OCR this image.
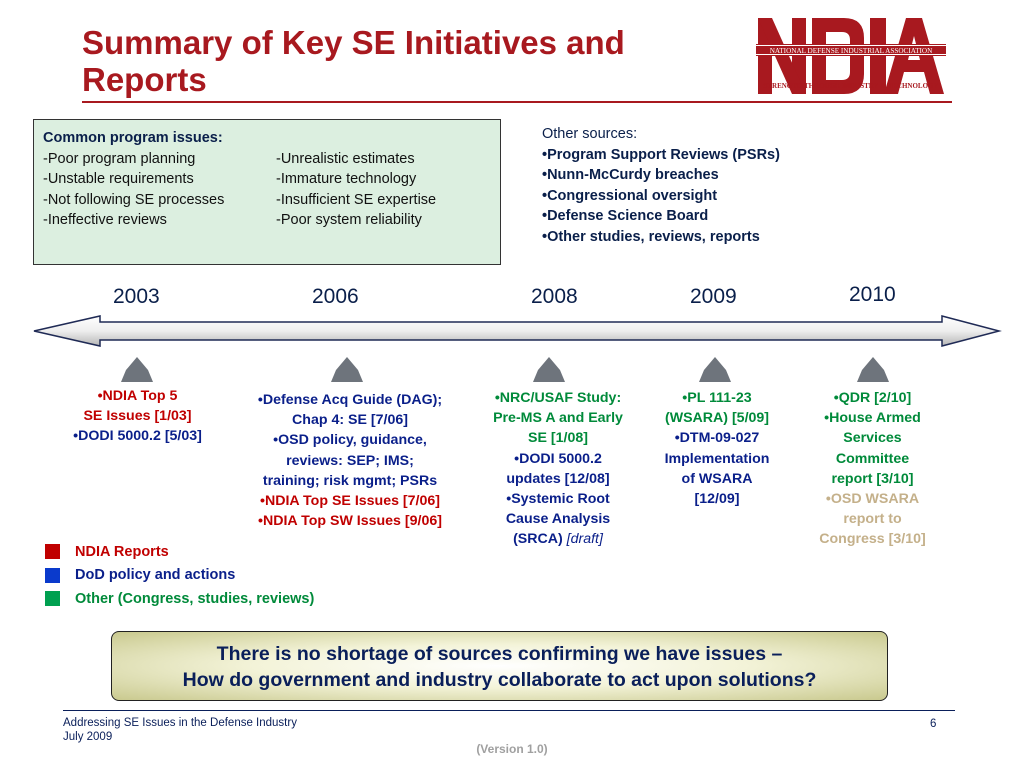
Summary of Key SE Initiatives and
Reports
NATIONAL DEFENSE INDUSTRIAL ASSOCIATION
STRENGTH THROUGH INDUSTRY & TECHNOLOGY
Common program issues:
-Poor program planning
-Unstable requirements
-Not following SE processes
-Ineffective reviews
-Unrealistic estimates
-Immature technology
-Insufficient SE expertise
-Poor system reliability
Other sources:
•Program Support Reviews (PSRs)
•Nunn-McCurdy breaches
•Congressional oversight
•Defense Science Board
•Other studies, reviews, reports
2003	2006	2008	2009	2010
•NDIA Top 5
SE Issues [1/03]
•DODI 5000.2 [5/03]
•Defense Acq Guide (DAG);
Chap 4: SE [7/06]
•OSD policy, guidance,
reviews: SEP; IMS;
training; risk mgmt; PSRs
•NDIA Top SE Issues [7/06]
•NDIA Top SW Issues [9/06]
•NRC/USAF Study:
Pre-MS A and Early
SE [1/08]
•DODI 5000.2
updates [12/08]
•Systemic Root
Cause Analysis
(SRCA) [draft]
•PL 111-23
(WSARA) [5/09]
•DTM-09-027
Implementation
of WSARA
[12/09]
•QDR [2/10]
•House Armed
Services
Committee
report [3/10]
•OSD WSARA
report to
Congress [3/10]
NDIA Reports
DoD policy and actions
Other (Congress, studies, reviews)
There is no shortage of sources confirming we have issues –
How do government and industry collaborate to act upon solutions?
Addressing SE Issues in the Defense Industry
July 2009
6
(Version 1.0)
